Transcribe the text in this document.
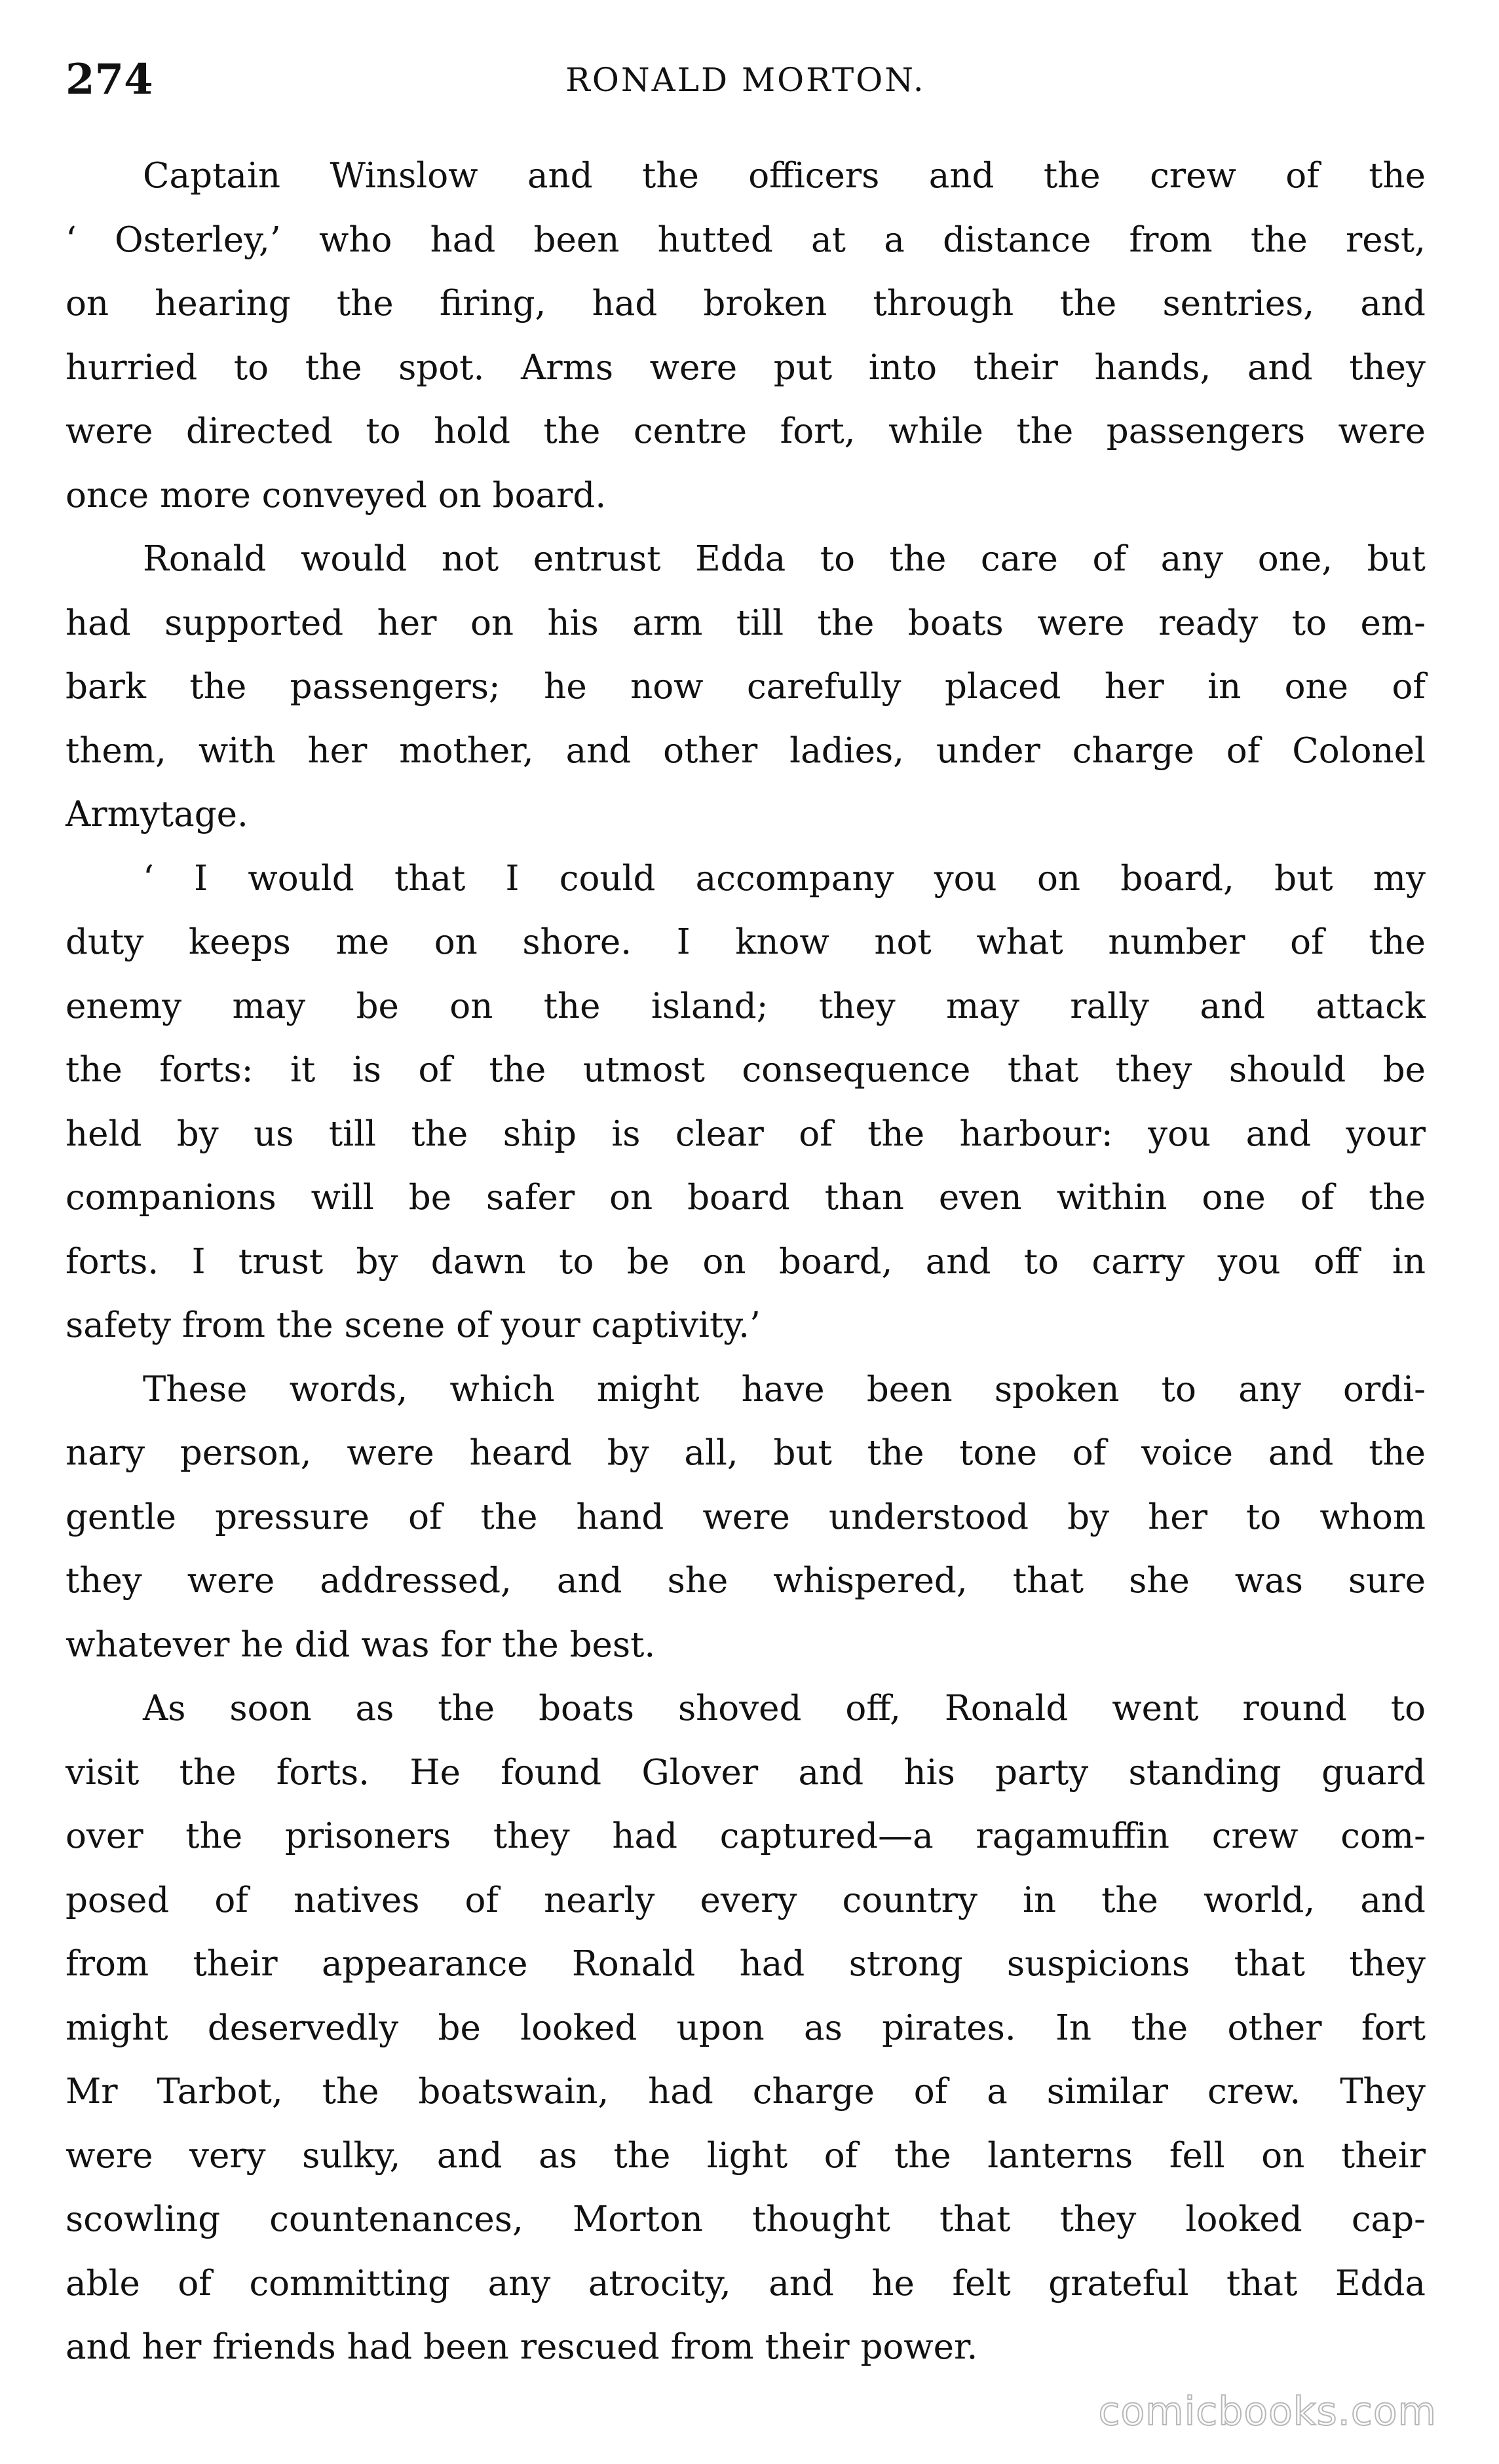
274	RONALD MORTON.

Captain Winslow and the officers and the crew of the
‘ Osterley,’ who had been hutted at a distance from the rest,
on hearing the firing, had broken through the sentries, and
hurried to the spot. Arms were put into their hands, and they
were directed to hold the centre fort, while the passengers were
once more conveyed on board.

Ronald would not entrust Edda to the care of any one, but
had supported her on his arm till the boats were ready to em-
bark the passengers; he now carefully placed her in one of
them, with her mother, and other ladies, under charge of Colonel
Armytage.

‘ I would that I could accompany you on board, but my
duty keeps me on shore. I know not what number of the
enemy may be on the island; they may rally and attack
the forts: it is of the utmost consequence that they should be
held by us till the ship is clear of the harbour: you and your
companions will be safer on board than even within one of the
forts. I trust by dawn to be on board, and to carry you off in
safety from the scene of your captivity.’

These words, which might have been spoken to any ordi-
nary person, were heard by all, but the tone of voice and the
gentle pressure of the hand were understood by her to whom
they were addressed, and she whispered, that she was sure
whatever he did was for the best.

As soon as the boats shoved off, Ronald went round to
visit the forts. He found Glover and his party standing guard
over the prisoners they had captured—a ragamuffin crew com-
posed of natives of nearly every country in the world, and
from their appearance Ronald had strong suspicions that they
might deservedly be looked upon as pirates. In the other fort
Mr Tarbot, the boatswain, had charge of a similar crew. They
were very sulky, and as the light of the lanterns fell on their
scowling countenances, Morton thought that they looked cap-
able of committing any atrocity, and he felt grateful that Edda
and her friends had been rescued from their power.

comicbooks.com
